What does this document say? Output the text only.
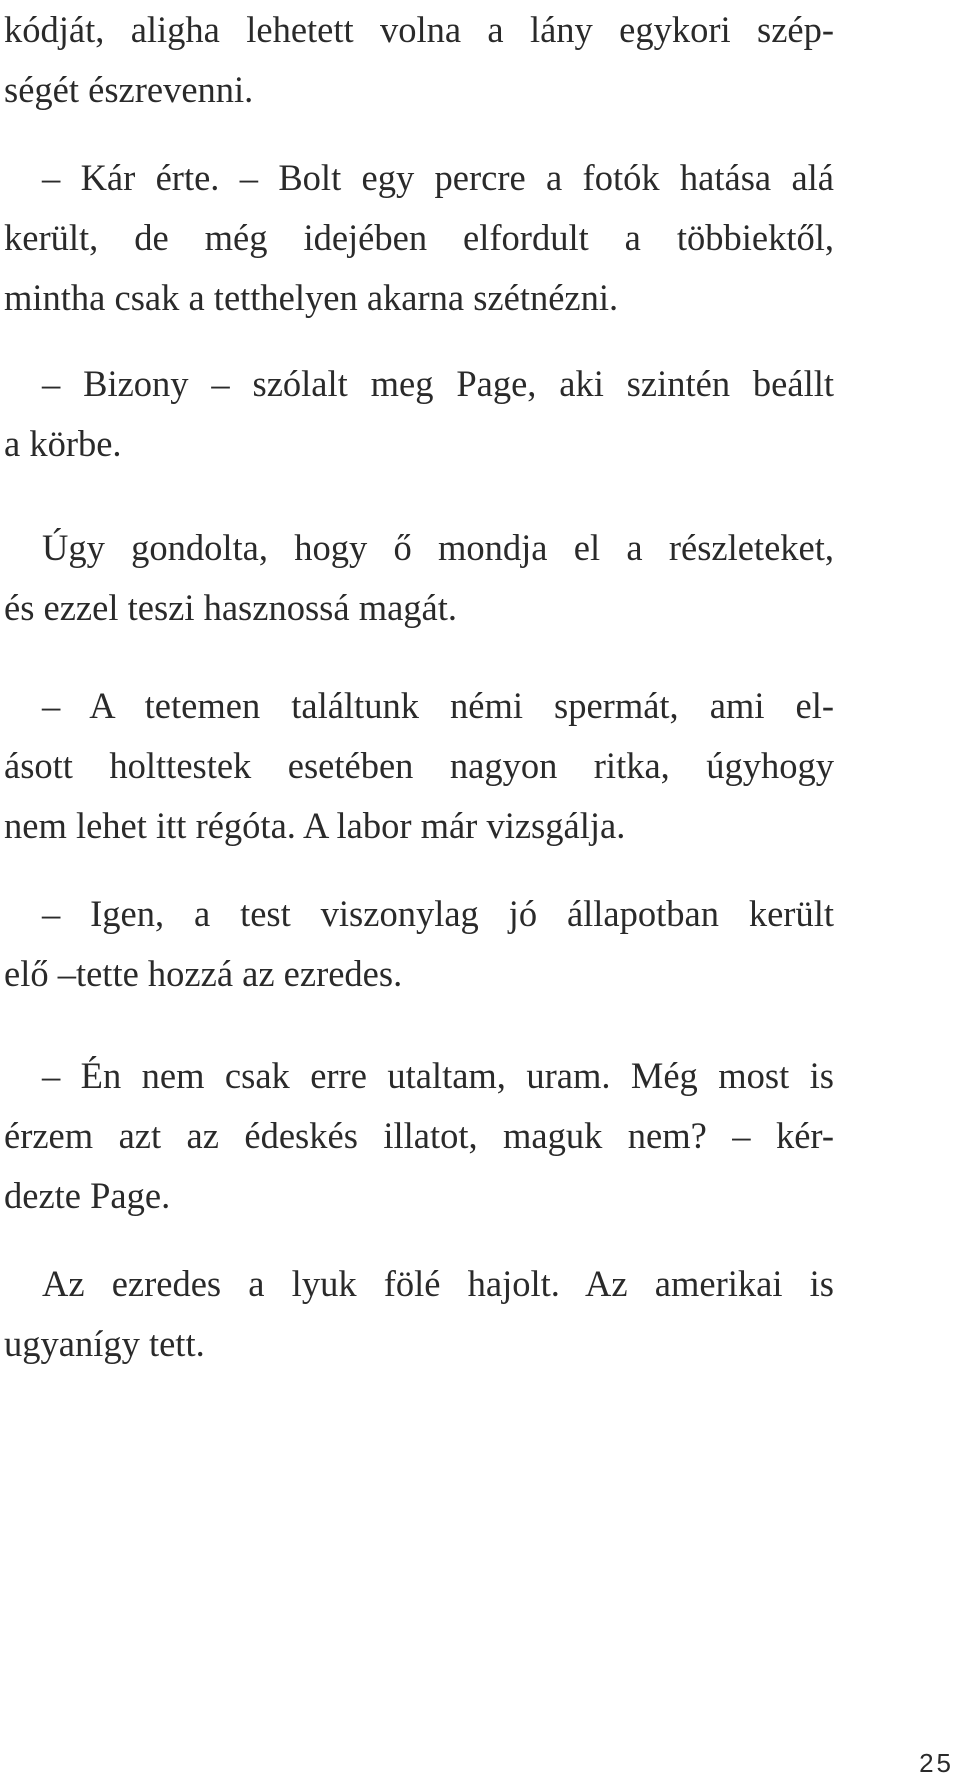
kódját, aligha lehetett volna a lány egykori szép-
ségét észrevenni.
– Kár érte. – Bolt egy percre a fotók hatása alá
került, de még idejében elfordult a többiektől,
mintha csak a tetthelyen akarna szétnézni.
– Bizony – szólalt meg Page, aki szintén beállt
a körbe.
Úgy gondolta, hogy ő mondja el a részleteket,
és ezzel teszi hasznossá magát.
– A tetemen találtunk némi spermát, ami el-
ásott holttestek esetében nagyon ritka, úgyhogy
nem lehet itt régóta. A labor már vizsgálja.
– Igen, a test viszonylag jó állapotban került
elő –tette hozzá az ezredes.
– Én nem csak erre utaltam, uram. Még most is
érzem azt az édeskés illatot, maguk nem? – kér-
dezte Page.
Az ezredes a lyuk fölé hajolt. Az amerikai is
ugyanígy tett.
25
